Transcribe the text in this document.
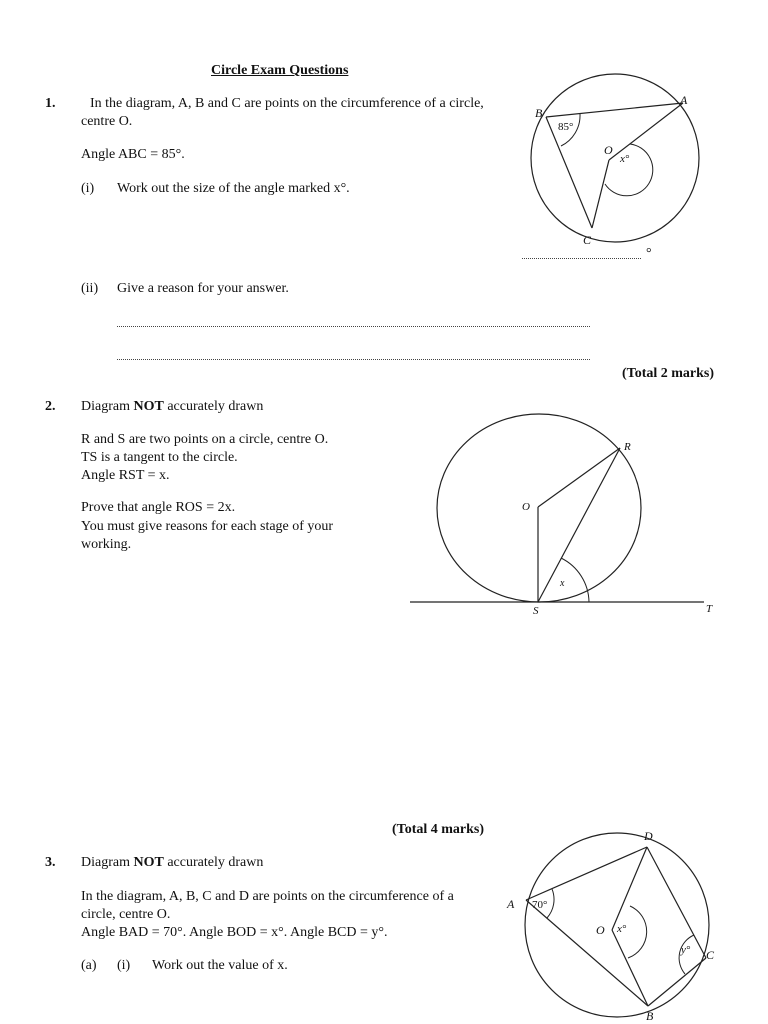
Circle Exam Questions
1. In the diagram, A, B and C are points on the circumference of a circle,
centre O.
Angle ABC = 85°.
(i) Work out the size of the angle marked x°.
°
(ii) Give a reason for your answer.
(Total 2 marks)
A
B
C
O
85°
x°
2. Diagram NOT accurately drawn
R and S are two points on a circle, centre O.
TS is a tangent to the circle.
Angle RST = x.
Prove that angle ROS = 2x.
You must give reasons for each stage of your
working.
O
R
S	T
x
(Total 4 marks)
3. Diagram NOT accurately drawn
In the diagram, A, B, C and D are points on the circumference of a
circle, centre O.
Angle BAD = 70°. Angle BOD = x°. Angle BCD = y°.
(a) (i) Work out the value of x.
D
A
C
B
O
70°
x°
y°
